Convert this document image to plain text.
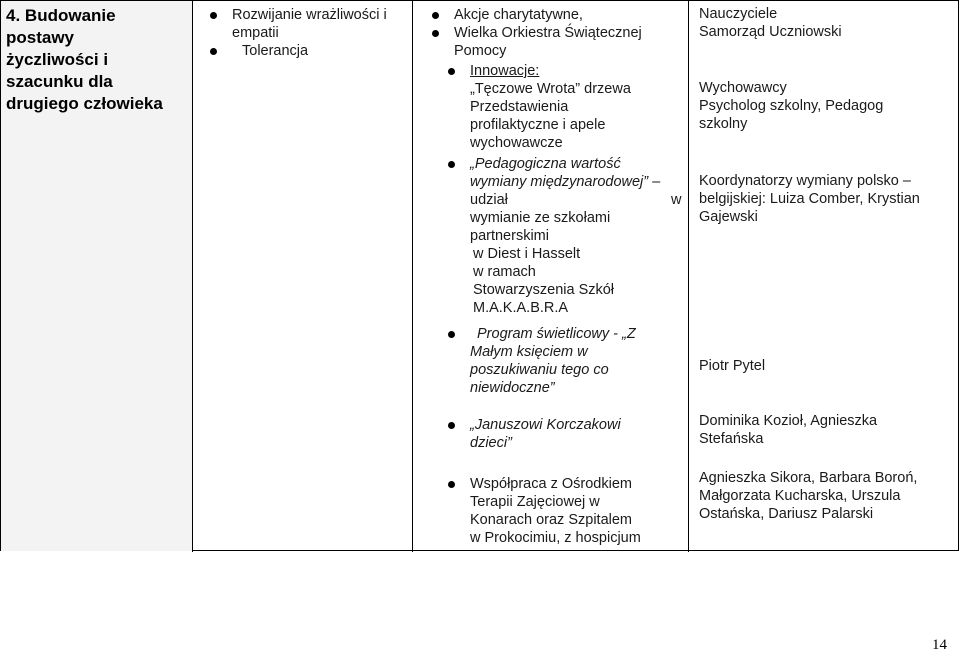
4. Budowanie
postawy
życzliwości i
szacunku dla
drugiego człowieka
Rozwijanie wrażliwości i empatii
Tolerancja
Akcje charytatywne,
Wielka Orkiestra Świątecznej Pomocy
Innowacje:
„Tęczowe Wrota” drzewa
Przedstawienia
profilaktyczne i apele
wychowawcze
„Pedagogiczna wartość
wymiany międzynarodowej” –
udział	w
wymianie ze szkołami
partnerskimi
w Diest i Hasselt
w ramach
Stowarzyszenia Szkół
M.A.K.A.B.R.A
Program świetlicowy - „Z
Małym księciem w
poszukiwaniu tego co
niewidoczne”
„Januszowi Korczakowi
dzieci”
Współpraca z Ośrodkiem
Terapii Zajęciowej w
Konarach oraz Szpitalem
w Prokocimiu, z hospicjum
Nauczyciele
Samorząd Uczniowski
Wychowawcy
Psycholog szkolny, Pedagog
szkolny
Koordynatorzy wymiany polsko –
belgijskiej: Luiza Comber, Krystian
Gajewski
Piotr Pytel
Dominika Kozioł, Agnieszka
Stefańska
Agnieszka Sikora, Barbara Boroń,
Małgorzata Kucharska, Urszula
Ostańska, Dariusz Palarski
14
